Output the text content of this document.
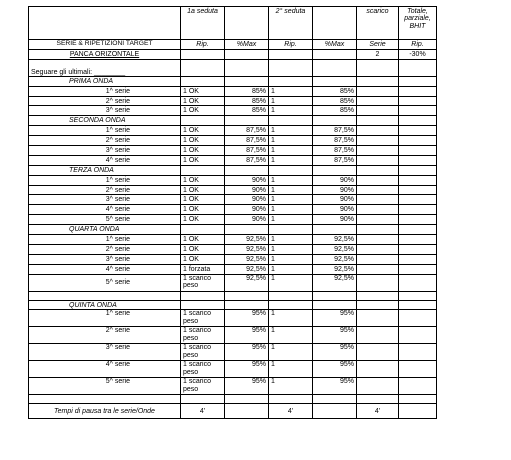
	1a seduta		2° seduta		scarico	Totale, parziale, BHIT
SERIE & RIPETIZIONI TARGET	Rip.	%Max	Rip.	%Max	Serie	Rip.
PANCA ORIZONTALE					2	-30%
Seguare gli ultimali: ________						
PRIMA ONDA						
1^ serie	1 OK	85%	1	85%		
2^ serie	1 OK	85%	1	85%		
3^ serie	1 OK	85%	1	85%		
SECONDA ONDA						
1^ serie	1 OK	87,5%	1	87,5%		
2^ serie	1 OK	87,5%	1	87,5%		
3^ serie	1 OK	87,5%	1	87,5%		
4^ serie	1 OK	87,5%	1	87,5%		
TERZA ONDA						
1^ serie	1 OK	90%	1	90%		
2^ serie	1 OK	90%	1	90%		
3^ serie	1 OK	90%	1	90%		
4^ serie	1 OK	90%	1	90%		
5^ serie	1 OK	90%	1	90%		
QUARTA ONDA						
1^ serie	1 OK	92,5%	1	92,5%		
2^ serie	1 OK	92,5%	1	92,5%		
3^ serie	1 OK	92,5%	1	92,5%		
4^ serie	1 forzata	92,5%	1	92,5%		
5^ serie	1 scarico peso	92,5%	1	92,5%		

QUINTA ONDA						
1^ serie	1 scarico peso	95%	1	95%		
2^ serie	1 scarico peso	95%	1	95%		
3^ serie	1 scarico peso	95%	1	95%		
4^ serie	1 scarico peso	95%	1	95%		
5^ serie	1 scarico peso	95%	1	95%		

Tempi di pausa tra le serie/Onde	4'		4'		4'	
